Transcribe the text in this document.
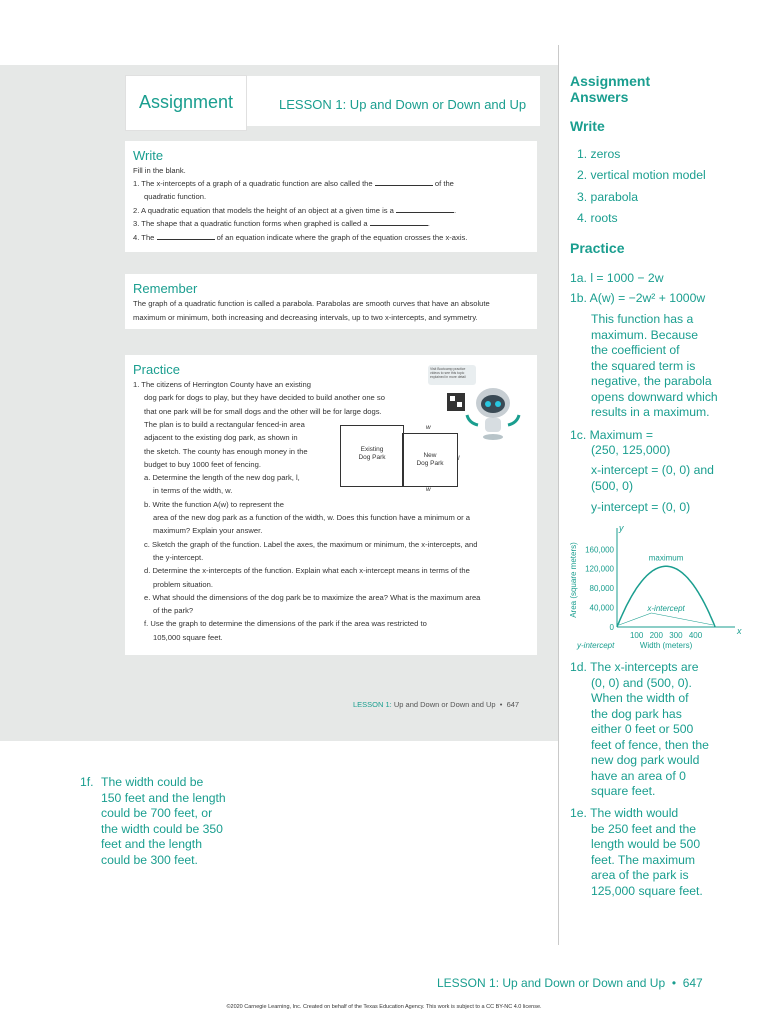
Assignment	LESSON 1: Up and Down or Down and Up
Write
Fill in the blank.
1. The x-intercepts of a graph of a quadratic function are also called the	of the
quadratic function.
2. A quadratic equation that models the height of an object at a given time is a	.
3. The shape that a quadratic function forms when graphed is called a	.
4. The	of an equation indicate where the graph of the equation crosses the x-axis.
Remember
The graph of a quadratic function is called a parabola. Parabolas are smooth curves that have an absolute
maximum or minimum, both increasing and decreasing intervals, up to two x-intercepts, and symmetry.
Practice
1. The citizens of Herrington County have an existing
dog park for dogs to play, but they have decided to build another one so
that one park will be for small dogs and the other will be for large dogs.
The plan is to build a rectangular fenced-in area
adjacent to the existing dog park, as shown in
the sketch. The county has enough money in the
budget to buy 1000 feet of fencing.
a. Determine the length of the new dog park, l,
in terms of the width, w.
b. Write the function A(w) to represent the
area of the new dog park as a function of the width, w. Does this function have a minimum or a
maximum? Explain your answer.
c. Sketch the graph of the function. Label the axes, the maximum or minimum, the x-intercepts, and
the y-intercept.
d. Determine the x-intercepts of the function. Explain what each x-intercept means in terms of the
problem situation.
e. What should the dimensions of the dog park be to maximize the area? What is the maximum area
of the park?
f. Use the graph to determine the dimensions of the park if the area was restricted to
105,000 square feet.
Existing
Dog Park	New
Dog Park
w
w
l
Visit Bootcamp practice videos to see this topic explained in more detail
LESSON 1: Up and Down or Down and Up  •  647
1f. The width could be
150 feet and the length
could be 700 feet, or
the width could be 350
feet and the length
could be 300 feet.
Assignment
Answers
Write
1. zeros
2. vertical motion model
3. parabola
4. roots
Practice
1a. l = 1000 − 2w
1b. A(w) = −2w² + 1000w
This function has a
maximum. Because
the coefficient of
the squared term is
negative, the parabola
opens downward which
results in a maximum.
1c. Maximum =
(250, 125,000)
x-intercept = (0, 0) and
(500, 0)
y-intercept = (0, 0)
y
x
0
40,000
80,000
120,000
160,000
100 200 300 400
maximum
x-intercept
y-intercept	Width (meters)
Area (square meters)
1d. The x-intercepts are
(0, 0) and (500, 0).
When the width of
the dog park has
either 0 feet or 500
feet of fence, then the
new dog park would
have an area of 0
square feet.
1e. The width would
be 250 feet and the
length would be 500
feet. The maximum
area of the park is
125,000 square feet.
LESSON 1: Up and Down or Down and Up • 647
©2020 Carnegie Learning, Inc. Created on behalf of the Texas Education Agency. This work is subject to a CC BY-NC 4.0 license.
